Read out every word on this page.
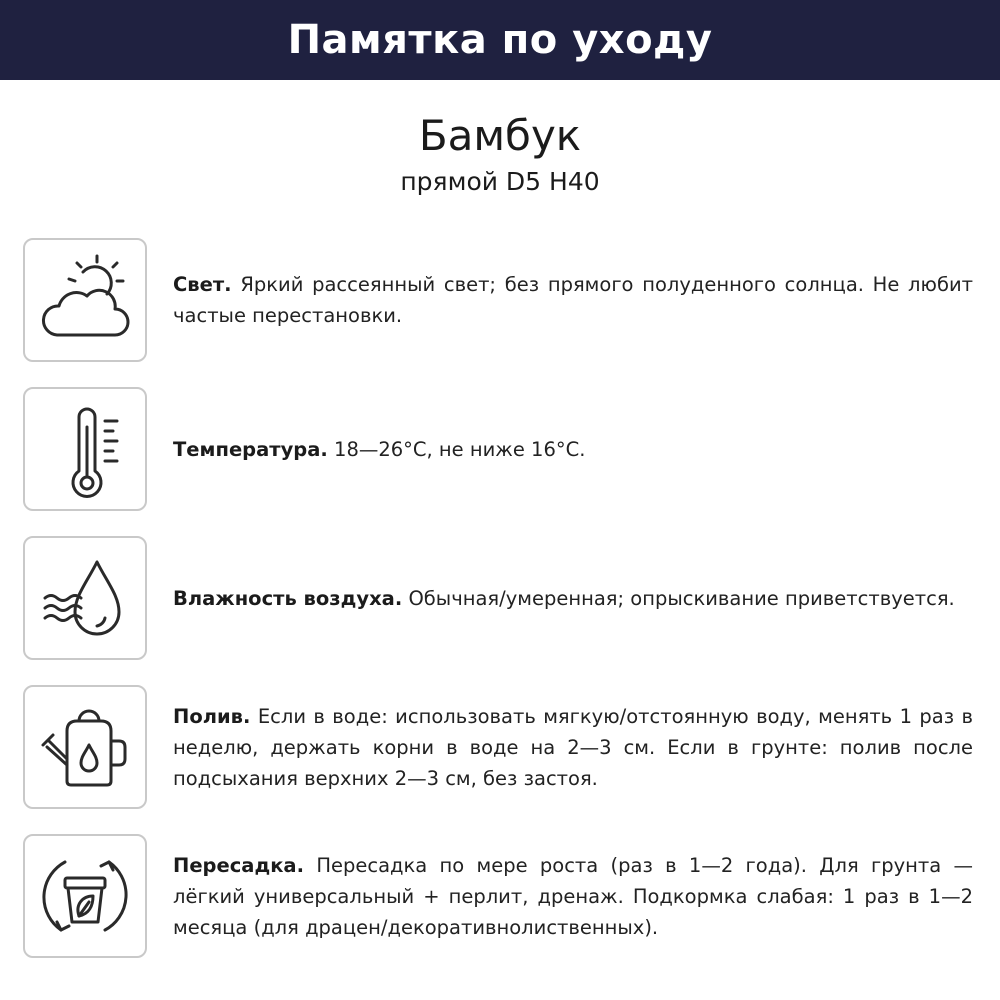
Памятка по уходу
Бамбук
прямой D5 H40

Свет. Яркий рассеянный свет; без прямого полуденного солнца. Не любит частые перестановки.

Температура. 18—26°C, не ниже 16°C.

Влажность воздуха. Обычная/умеренная; опрыскивание приветствуется.

Полив. Если в воде: использовать мягкую/отстоянную воду, менять 1 раз в неделю, держать корни в воде на 2—3 см. Если в грунте: полив после подсыхания верхних 2—3 см, без застоя.

Пересадка. Пересадка по мере роста (раз в 1—2 года). Для грунта — лёгкий универсальный + перлит, дренаж. Подкормка слабая: 1 раз в 1—2 месяца (для драцен/декоративнолиственных).
